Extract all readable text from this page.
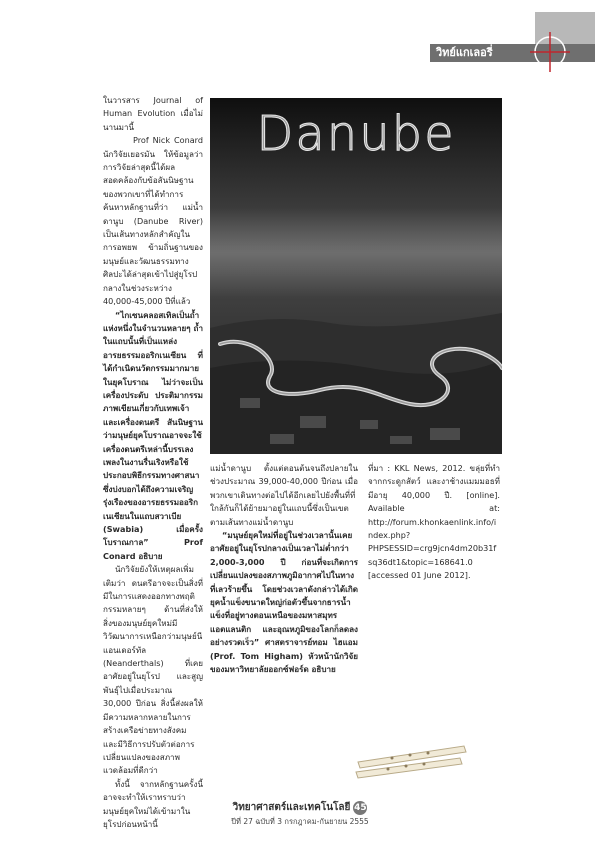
วิทย์แกเลอรี่

ในวารสาร Journal of Human Evolution เมื่อไม่นานมานี้

Prof Nick Conard นักวิจัยเยอรมัน ให้ข้อมูลว่า การวิจัยล่าสุดนี้ได้ผลสอดคล้องกับข้อสันนิษฐานของพวกเขาที่ได้ทำการค้นหาหลักฐานที่ว่า แม่น้ำดานูบ (Danube River) เป็นเส้นทางหลักสำคัญในการอพยพ ข้ามถิ่นฐานของมนุษย์และวัฒนธรรมทางศิลปะได้ล่าสุดเข้าไปสู่ยุโรปกลางในช่วงระหว่าง 40,000-45,000 ปีที่แล้ว

“ไกเซนคลอสเทิลเป็นถ้ำแห่งหนึ่งในจำนวนหลายๆ ถ้ำในแถบนั้นที่เป็นแหล่งอารยธรรมออริกเนเซียน ที่ได้กำเนิดนวัตกรรมมากมายในยุคโบราณ ไม่ว่าจะเป็นเครื่องประดับ ประติมากรรม ภาพเขียนเกี่ยวกับเทพเจ้า และเครื่องดนตรี สันนิษฐานว่ามนุษย์ยุคโบราณอาจจะใช้เครื่องดนตรีเหล่านี้บรรเลงเพลงในงานรื่นเริงหรือใช้ประกอบพิธีกรรมทางศาสนา ซึ่งบ่งบอกได้ถึงความเจริญรุ่งเรืองของอารยธรรมออริกเนเซียนในแถบสวาเบีย (Swabia) เมื่อครั้งโบราณกาล” Prof Conard อธิบาย

นักวิจัยยังให้เหตุผลเพิ่มเติมว่า ดนตรีอาจจะเป็นสิ่งที่มีในการแสดงออกทางพฤติกรรมหลายๆ ด้านที่ส่งให้สิ่งของมนุษย์ยุคใหม่มีวิวัฒนาการเหนือกว่ามนุษย์นีแอนเดอร์ทัล (Neanderthals) ที่เคยอาศัยอยู่ในยุโรป และสูญพันธุ์ไปเมื่อประมาณ 30,000 ปีก่อน สิ่งนี้ส่งผลให้มีความหลากหลายในการสร้างเครือข่ายทางสังคม และมีวิธีการปรับตัวต่อการเปลี่ยนแปลงของสภาพแวดล้อมที่ดีกว่า

ทั้งนี้ จากหลักฐานครั้งนี้อาจจะทำให้เราทราบว่ามนุษย์ยุคใหม่ได้เข้ามาในยุโรปก่อนหน้านี้

Danube

แม่น้ำดานูบ ตั้งแต่ตอนต้นจนถึงปลายในช่วงประมาณ 39,000-40,000 ปีก่อน เมื่อพวกเขาเดินทางต่อไปได้อีกเลยไปยังพื้นที่ที่ใกล้กันก็ได้ย้ายมาอยู่ในแถบนี้ซึ่งเป็นเขตตามเส้นทางแม่น้ำดานูบ

“มนุษย์ยุคใหม่ที่อยู่ในช่วงเวลานั้นเคยอาศัยอยู่ในยุโรปกลางเป็นเวลาไม่ต่ำกว่า 2,000-3,000 ปี ก่อนที่จะเกิดการเปลี่ยนแปลงของสภาพภูมิอากาศไปในทางที่เลวร้ายขึ้น โดยช่วงเวลาดังกล่าวได้เกิดยุคน้ำแข็งขนาดใหญ่ก่อตัวขึ้นจากธารน้ำแข็งที่อยู่ทางตอนเหนือของมหาสมุทรแอตแลนติก และอุณหภูมิของโลกก็ลดลงอย่างรวดเร็ว” ศาสตราจารย์ทอม ไฮแอม (Prof. Tom Higham) หัวหน้านักวิจัยของมหาวิทยาลัยออกซ์ฟอร์ด อธิบาย

ที่มา : KKL News, 2012. ขลุ่ยที่ทำจากกระดูกสัตว์ และงาช้างแมมมอธที่มีอายุ 40,000 ปี. [online]. Available at: http://forum.khonkaenlink.info/index.php?PHPSESSID=crg9jcn4dm20b31fsq36dt1&topic=168641.0 [accessed 01 June 2012].

วิทยาศาสตร์และเทคโนโลยี 45
ปีที่ 27 ฉบับที่ 3 กรกฎาคม-กันยายน 2555
